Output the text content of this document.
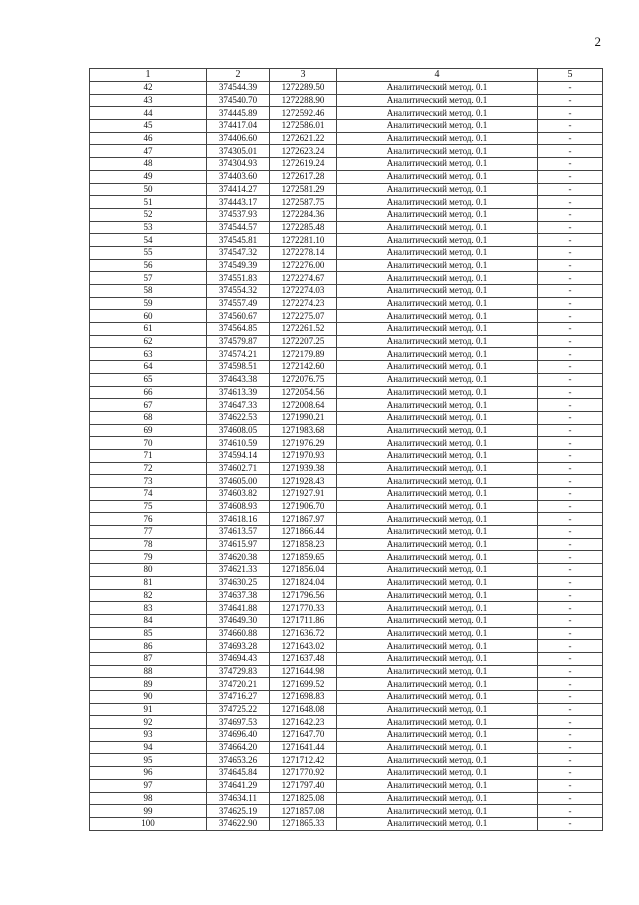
2
1	2	3	4	5
42	374544.39	1272289.50	Аналитический метод. 0.1	-
43	374540.70	1272288.90	Аналитический метод. 0.1	-
44	374445.89	1272592.46	Аналитический метод. 0.1	-
45	374417.04	1272586.01	Аналитический метод. 0.1	-
46	374406.60	1272621.22	Аналитический метод. 0.1	-
47	374305.01	1272623.24	Аналитический метод. 0.1	-
48	374304.93	1272619.24	Аналитический метод. 0.1	-
49	374403.60	1272617.28	Аналитический метод. 0.1	-
50	374414.27	1272581.29	Аналитический метод. 0.1	-
51	374443.17	1272587.75	Аналитический метод. 0.1	-
52	374537.93	1272284.36	Аналитический метод. 0.1	-
53	374544.57	1272285.48	Аналитический метод. 0.1	-
54	374545.81	1272281.10	Аналитический метод. 0.1	-
55	374547.32	1272278.14	Аналитический метод. 0.1	-
56	374549.39	1272276.00	Аналитический метод. 0.1	-
57	374551.83	1272274.67	Аналитический метод. 0.1	-
58	374554.32	1272274.03	Аналитический метод. 0.1	-
59	374557.49	1272274.23	Аналитический метод. 0.1	-
60	374560.67	1272275.07	Аналитический метод. 0.1	-
61	374564.85	1272261.52	Аналитический метод. 0.1	-
62	374579.87	1272207.25	Аналитический метод. 0.1	-
63	374574.21	1272179.89	Аналитический метод. 0.1	-
64	374598.51	1272142.60	Аналитический метод. 0.1	-
65	374643.38	1272076.75	Аналитический метод. 0.1	-
66	374613.39	1272054.56	Аналитический метод. 0.1	-
67	374647.33	1272008.64	Аналитический метод. 0.1	-
68	374622.53	1271990.21	Аналитический метод. 0.1	-
69	374608.05	1271983.68	Аналитический метод. 0.1	-
70	374610.59	1271976.29	Аналитический метод. 0.1	-
71	374594.14	1271970.93	Аналитический метод. 0.1	-
72	374602.71	1271939.38	Аналитический метод. 0.1	-
73	374605.00	1271928.43	Аналитический метод. 0.1	-
74	374603.82	1271927.91	Аналитический метод. 0.1	-
75	374608.93	1271906.70	Аналитический метод. 0.1	-
76	374618.16	1271867.97	Аналитический метод. 0.1	-
77	374613.57	1271866.44	Аналитический метод. 0.1	-
78	374615.97	1271858.23	Аналитический метод. 0.1	-
79	374620.38	1271859.65	Аналитический метод. 0.1	-
80	374621.33	1271856.04	Аналитический метод. 0.1	-
81	374630.25	1271824.04	Аналитический метод. 0.1	-
82	374637.38	1271796.56	Аналитический метод. 0.1	-
83	374641.88	1271770.33	Аналитический метод. 0.1	-
84	374649.30	1271711.86	Аналитический метод. 0.1	-
85	374660.88	1271636.72	Аналитический метод. 0.1	-
86	374693.28	1271643.02	Аналитический метод. 0.1	-
87	374694.43	1271637.48	Аналитический метод. 0.1	-
88	374729.83	1271644.98	Аналитический метод. 0.1	-
89	374720.21	1271699.52	Аналитический метод. 0.1	-
90	374716.27	1271698.83	Аналитический метод. 0.1	-
91	374725.22	1271648.08	Аналитический метод. 0.1	-
92	374697.53	1271642.23	Аналитический метод. 0.1	-
93	374696.40	1271647.70	Аналитический метод. 0.1	-
94	374664.20	1271641.44	Аналитический метод. 0.1	-
95	374653.26	1271712.42	Аналитический метод. 0.1	-
96	374645.84	1271770.92	Аналитический метод. 0.1	-
97	374641.29	1271797.40	Аналитический метод. 0.1	-
98	374634.11	1271825.08	Аналитический метод. 0.1	-
99	374625.19	1271857.08	Аналитический метод. 0.1	-
100	374622.90	1271865.33	Аналитический метод. 0.1	-
